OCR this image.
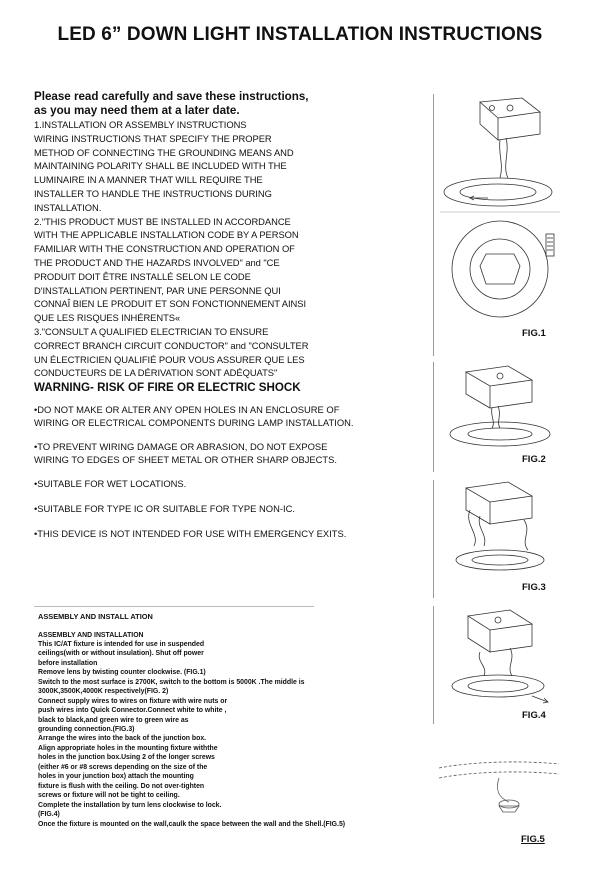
LED 6” DOWN LIGHT INSTALLATION INSTRUCTIONS
Please read carefully and save these instructions,
as you may need them at a later date.
1.INSTALLATION OR ASSEMBLY INSTRUCTIONS
WIRING INSTRUCTIONS THAT SPECIFY THE PROPER
METHOD OF CONNECTING THE GROUNDING MEANS AND
MAINTAINING POLARITY SHALL BE INCLUDED WITH THE
LUMINAIRE IN A MANNER THAT WILL REQUIRE THE
INSTALLER TO HANDLE THE INSTRUCTIONS DURING
INSTALLATION.
2."THIS PRODUCT MUST BE INSTALLED IN ACCORDANCE
WITH THE APPLICABLE INSTALLATION CODE BY A PERSON
FAMILIAR WITH THE CONSTRUCTION AND OPERATION OF
THE PRODUCT AND THE HAZARDS INVOLVED" and "CE
PRODUIT DOIT ÊTRE INSTALLÉ SELON LE CODE
D'INSTALLATION PERTINENT, PAR UNE PERSONNE QUI
CONNAÎ BIEN LE PRODUIT ET SON FONCTIONNEMENT AINSI
QUE LES RISQUES INHÉRENTS«
3."CONSULT A QUALIFIED ELECTRICIAN TO ENSURE
CORRECT BRANCH CIRCUIT CONDUCTOR" and "CONSULTER
UN ÉLECTRICIEN QUALIFIÉ POUR VOUS ASSURER QUE LES
CONDUCTEURS DE LA DÉRIVATION SONT ADÉQUATS"
WARNING- RISK OF FIRE OR ELECTRIC SHOCK
•DO NOT MAKE OR ALTER ANY OPEN HOLES IN AN ENCLOSURE OF WIRING OR ELECTRICAL COMPONENTS DURING LAMP INSTALLATION.
•TO PREVENT WIRING DAMAGE OR ABRASION, DO NOT EXPOSE WIRING TO EDGES OF SHEET METAL OR OTHER SHARP OBJECTS.
•SUITABLE FOR WET LOCATIONS.
•SUITABLE FOR TYPE IC OR SUITABLE FOR TYPE NON-IC.
•THIS DEVICE IS NOT INTENDED FOR USE WITH EMERGENCY EXITS.
ASSEMBLY AND INSTALL ATION
ASSEMBLY AND INSTALLATION
This IC/AT fixture is intended for use in suspended
ceilings(with or without insulation). Shut off power
before installation
Remove lens by twisting counter clockwise. (FIG.1)
Switch to the most surface is 2700K, switch to the bottom is 5000K .The middle is
3000K,3500K,4000K respectively(FIG. 2)
Connect supply wires to wires on fixture with wire nuts or
push wires into Quick Connector.Connect white to white ,
black to black,and green wire to green wire as
grounding connection.(FIG.3)
Arrange the wires into the back of the junction box.
Align appropriate holes in the mounting fixture withthe
holes in the junction box.Using 2 of the longer screws
(either #6 or #8 screws depending on the size of the
holes in your junction box) attach the mounting
fixture is flush with the ceiling. Do not over-tighten
screws or fixture will not be tight to ceiling.
Complete the installation by turn lens clockwise to lock.
(FIG.4)
Once the fixture is mounted on the wall,caulk the space between the wall and the Shell.(FIG.5)
FIG.1
FIG.2
FIG.3
FIG.4
FIG.5
